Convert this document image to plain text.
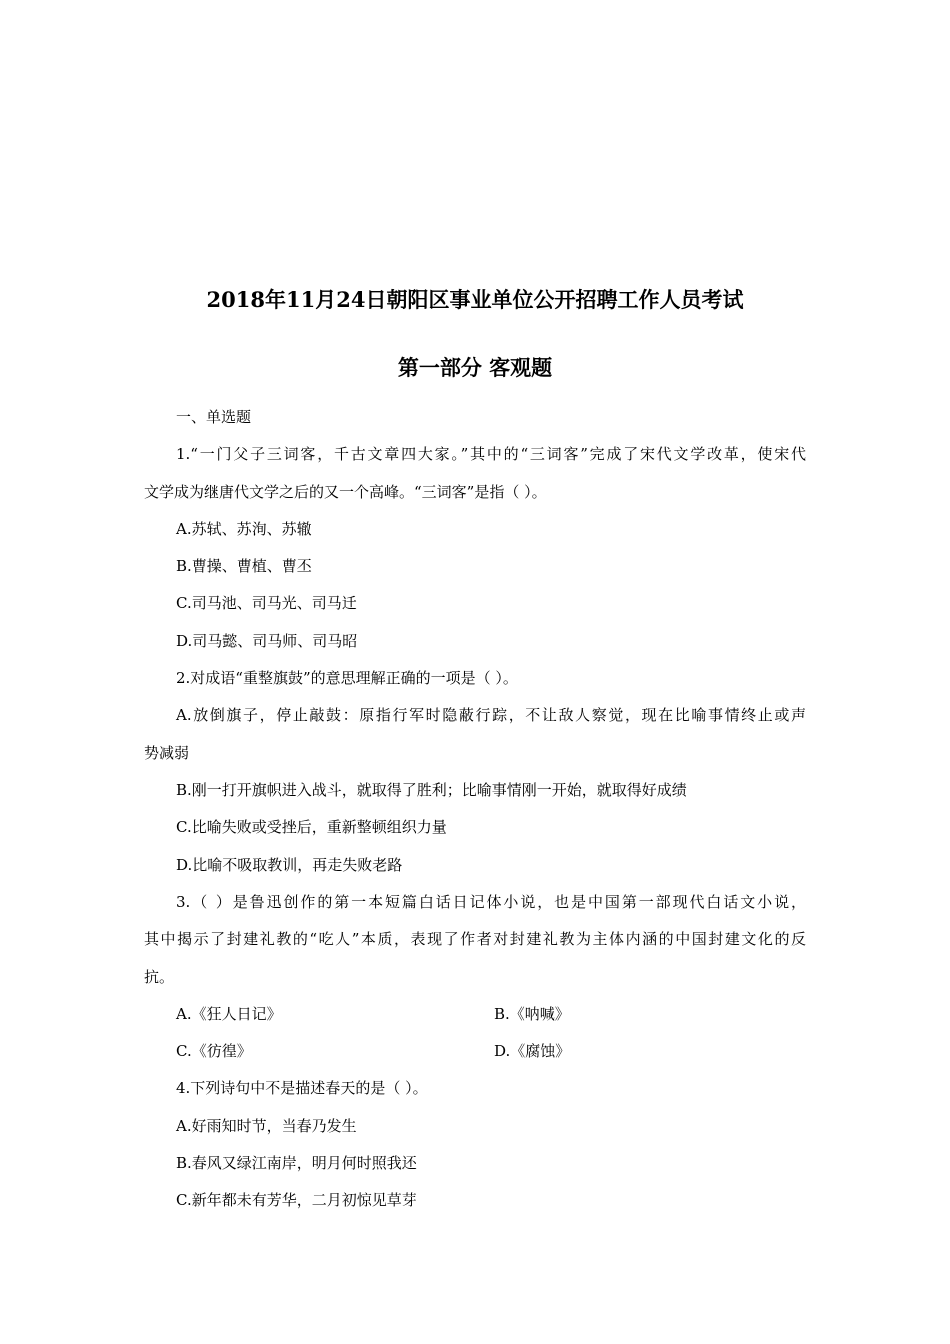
2018年11月24日朝阳区事业单位公开招聘工作人员考试
第一部分 客观题
一、单选题
1.“一门父子三词客，千古文章四大家。”其中的“三词客”完成了宋代文学改革，使宋代
文学成为继唐代文学之后的又一个高峰。“三词客”是指（ ）。
A.苏轼、苏洵、苏辙
B.曹操、曹植、曹丕
C.司马池、司马光、司马迁
D.司马懿、司马师、司马昭
2.对成语“重整旗鼓”的意思理解正确的一项是（ ）。
A.放倒旗子，停止敲鼓：原指行军时隐蔽行踪，不让敌人察觉，现在比喻事情终止或声
势减弱
B.刚一打开旗帜进入战斗，就取得了胜利；比喻事情刚一开始，就取得好成绩
C.比喻失败或受挫后，重新整顿组织力量
D.比喻不吸取教训，再走失败老路
3.（ ）是鲁迅创作的第一本短篇白话日记体小说，也是中国第一部现代白话文小说，
其中揭示了封建礼教的“吃人”本质，表现了作者对封建礼教为主体内涵的中国封建文化的反
抗。
A.《狂人日记》	B.《呐喊》
C.《彷徨》	D.《腐蚀》
4.下列诗句中不是描述春天的是（ ）。
A.好雨知时节，当春乃发生
B.春风又绿江南岸，明月何时照我还
C.新年都未有芳华，二月初惊见草芽
